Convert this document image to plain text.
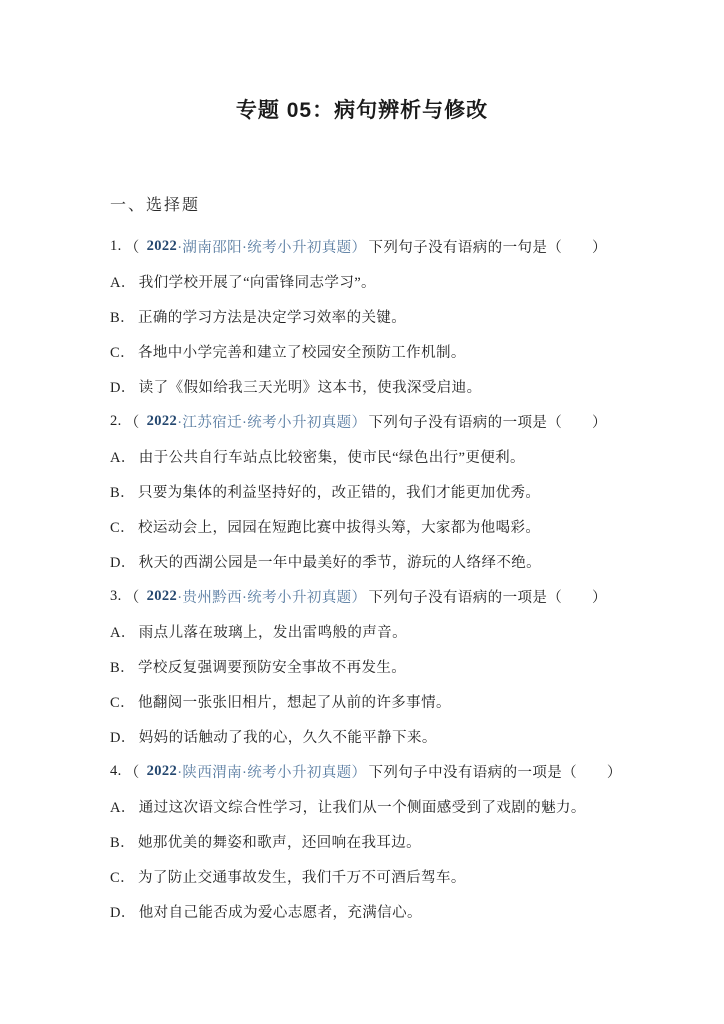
专题 05：病句辨析与修改
一、选择题
1. （ 2022 ·湖南邵阳·统考小升初真题） 下列句子没有语病的一句是（　　）
A． 我们学校开展了“向雷锋同志学习”。
B． 正确的学习方法是决定学习效率的关键。
C． 各地中小学完善和建立了校园安全预防工作机制。
D． 读了《假如给我三天光明》这本书，使我深受启迪。
2. （ 2022 ·江苏宿迁·统考小升初真题） 下列句子没有语病的一项是（　　）
A． 由于公共自行车站点比较密集，使市民“绿色出行”更便利。
B． 只要为集体的利益坚持好的，改正错的，我们才能更加优秀。
C． 校运动会上，园园在短跑比赛中拔得头筹，大家都为他喝彩。
D． 秋天的西湖公园是一年中最美好的季节，游玩的人络绎不绝。
3. （ 2022 ·贵州黔西·统考小升初真题） 下列句子没有语病的一项是（　　）
A． 雨点儿落在玻璃上，发出雷鸣般的声音。
B． 学校反复强调要预防安全事故不再发生。
C． 他翻阅一张张旧相片，想起了从前的许多事情。
D． 妈妈的话触动了我的心，久久不能平静下来。
4. （ 2022 ·陕西渭南·统考小升初真题） 下列句子中没有语病的一项是（　　）
A． 通过这次语文综合性学习，让我们从一个侧面感受到了戏剧的魅力。
B． 她那优美的舞姿和歌声，还回响在我耳边。
C． 为了防止交通事故发生，我们千万不可酒后驾车。
D． 他对自己能否成为爱心志愿者，充满信心。
